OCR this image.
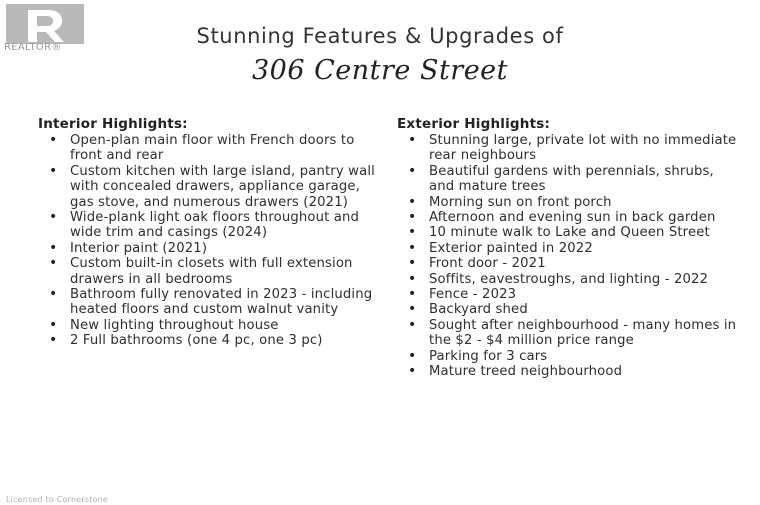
REALTOR®	Stunning Features & Upgrades of
306 Centre Street
Interior Highlights:
• Open-plan main floor with French doors to front and rear
• Custom kitchen with large island, pantry wall with concealed drawers, appliance garage, gas stove, and numerous drawers (2021)
• Wide-plank light oak floors throughout and wide trim and casings (2024)
• Interior paint (2021)
• Custom built-in closets with full extension drawers in all bedrooms
• Bathroom fully renovated in 2023 - including heated floors and custom walnut vanity
• New lighting throughout house
• 2 Full bathrooms (one 4 pc, one 3 pc)
Exterior Highlights:
• Stunning large, private lot with no immediate rear neighbours
• Beautiful gardens with perennials, shrubs, and mature trees
• Morning sun on front porch
• Afternoon and evening sun in back garden
• 10 minute walk to Lake and Queen Street
• Exterior painted in 2022
• Front door - 2021
• Soffits, eavestroughs, and lighting - 2022
• Fence - 2023
• Backyard shed
• Sought after neighbourhood - many homes in the $2 - $4 million price range
• Parking for 3 cars
• Mature treed neighbourhood
Licensed to Cornerstone
